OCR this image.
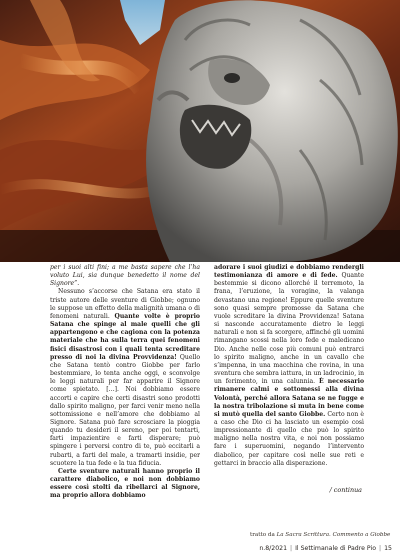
per i suoi alti fini; a me basta sapere che l’ha voluto Lui, sia dunque benedetto il nome del Signore”.

Nessuno s’accorse che Satana era stato il triste autore delle sventure di Giobbe; ognuno le suppose un effetto della malignità umana o di fenomeni naturali. Quante volte è proprio Satana che spinge al male quelli che gli appartengono e che cagiona con la potenza materiale che ha sulla terra quei fenomeni fisici disastrosi con i quali tenta screditare presso di noi la divina Provvidenza! Quello che Satana tentò contro Giobbe per farlo bestemmiare, lo tenta anche oggi, e sconvolge le leggi naturali per far apparire il Signore come spietato. […]. Noi dobbiamo essere accorti e capire che certi disastri sono prodotti dallo spirito maligno, per farci venir meno nella sottomissione e nell’amore che dobbiamo al Signore. Satana può fare scrosciare la pioggia quando tu desideri il sereno, per poi tentarti, farti impazientire e farti disperare; può spingere i perversi contro di te, può eccitarli a rubarti, a farti del male, a tramarti insidie, per scuotere la tua fede e la tua fiducia.

Certe sventure naturali hanno proprio il carattere diabolico, e noi non dobbiamo essere così stolti da ribellarci al Signore, ma proprio allora dobbiamo

adorare i suoi giudizi e dobbiamo rendergli testimonianza di amore e di fede. Quante bestemmie si dicono allorché il terremoto, la frana, l’eruzione, la voragine, la valanga devastano una regione! Eppure quelle sventure sono quasi sempre promosse da Satana che vuole screditare la divina Provvidenza! Satana si nasconde accuratamente dietro le leggi naturali e non si fa scorgere, affinché gli uomini rimangano scossi nella loro fede e maledicano Dio. Anche nelle cose più comuni può entrarci lo spirito maligno, anche in un cavallo che s’impenna, in una macchina che rovina, in una sventura che sembra iattura, in un ladrocinio, in un ferimento, in una calunnia. È necessario rimanere calmi e sottomessi alla divina Volontà, perché allora Satana se ne fugge e la nostra tribolazione si muta in bene come si mutò quella del santo Giobbe. Certo non è a caso che Dio ci ha lasciato un esempio così impressionante di quello che può lo spirito maligno nella nostra vita, e noi non possiamo fare i superuomini, negando l’intervento diabolico, per capitare così nelle sue reti e gettarci in braccio alla disperazione.

/ continua
tratto da La Sacra Scrittura. Commento a Giobbe
n.8/2021 | Il Settimanale di Padre Pio | 15
